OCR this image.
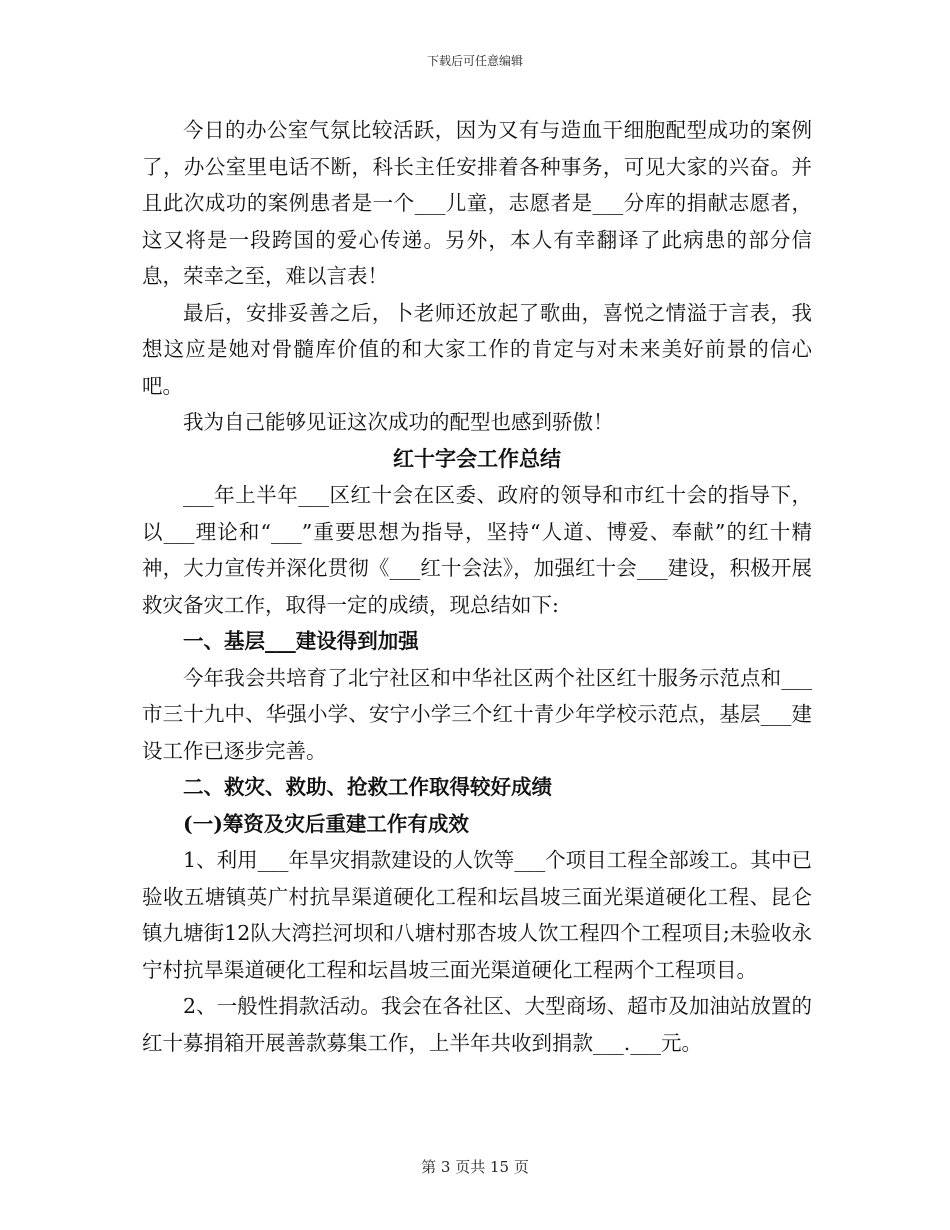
下载后可任意编辑

今日的办公室气氛比较活跃，因为又有与造血干细胞配型成功的案例了，办公室里电话不断，科长主任安排着各种事务，可见大家的兴奋。并且此次成功的案例患者是一个___儿童，志愿者是___分库的捐献志愿者，这又将是一段跨国的爱心传递。另外，本人有幸翻译了此病患的部分信息，荣幸之至，难以言表！

最后，安排妥善之后，卜老师还放起了歌曲，喜悦之情溢于言表，我想这应是她对骨髓库价值的和大家工作的肯定与对未来美好前景的信心吧。

我为自己能够见证这次成功的配型也感到骄傲！

红十字会工作总结

___年上半年___区红十会在区委、政府的领导和市红十会的指导下，以___理论和“___”重要思想为指导，坚持“人道、博爱、奉献”的红十精神，大力宣传并深化贯彻《___红十会法》，加强红十会___建设，积极开展救灾备灾工作，取得一定的成绩，现总结如下:

一、基层___建设得到加强

今年我会共培育了北宁社区和中华社区两个社区红十服务示范点和___市三十九中、华强小学、安宁小学三个红十青少年学校示范点，基层___建设工作已逐步完善。

二、救灾、救助、抢救工作取得较好成绩

(一)筹资及灾后重建工作有成效

1、利用___年旱灾捐款建设的人饮等___个项目工程全部竣工。其中已验收五塘镇英广村抗旱渠道硬化工程和坛昌坡三面光渠道硬化工程、昆仑镇九塘街12队大湾拦河坝和八塘村那杏坡人饮工程四个工程项目;未验收永宁村抗旱渠道硬化工程和坛昌坡三面光渠道硬化工程两个工程项目。

2、一般性捐款活动。我会在各社区、大型商场、超市及加油站放置的红十募捐箱开展善款募集工作，上半年共收到捐款___.___元。

第 3 页共 15 页
